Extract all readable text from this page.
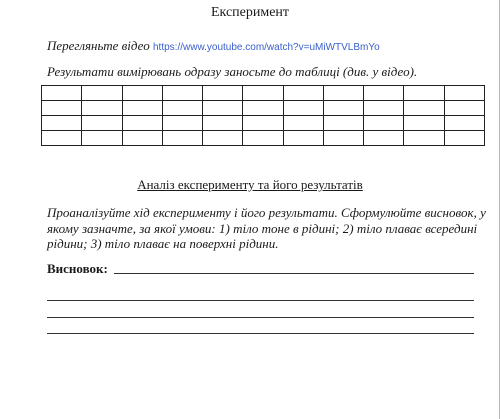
Експеримент
Перегляньте відео https://www.youtube.com/watch?v=uMiWTVLBmYo
Результати вимірювань одразу заносьте до таблиці (див. у відео).

Аналіз експерименту та його результатів
Проаналізуйте хід експерименту і його результати. Сформулюйте висновок, у якому зазначте, за якої умови: 1) тіло тоне в рідині; 2) тіло плаває всередині рідини; 3) тіло плаває на поверхні рідини.
Висновок:
